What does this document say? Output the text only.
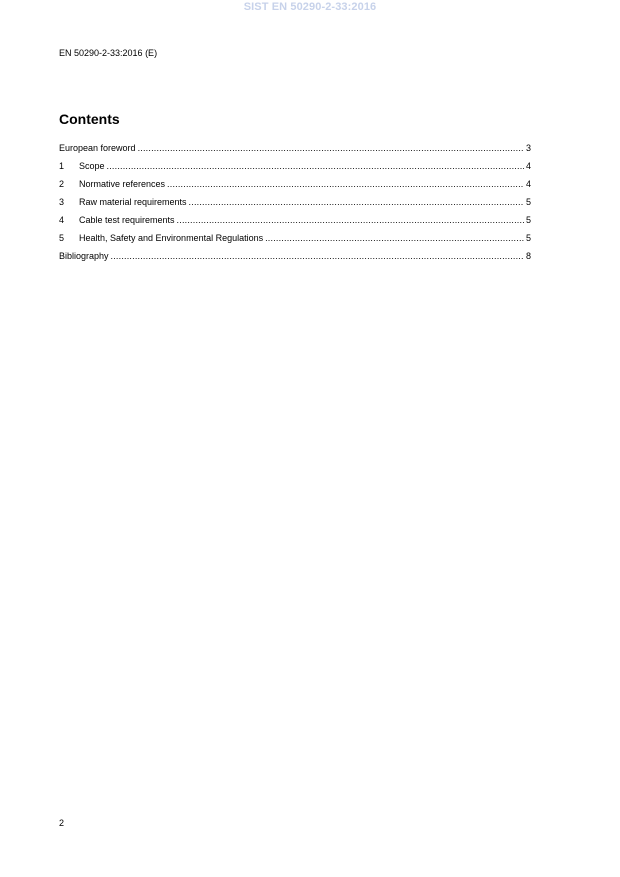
SIST EN 50290-2-33:2016
EN 50290-2-33:2016 (E)
Contents
European foreword .....	3
1	Scope .....	4
2	Normative references .....	4
3	Raw material requirements .....	5
4	Cable test requirements .....	5
5	Health, Safety and Environmental Regulations .....	5
Bibliography .....	8
2
